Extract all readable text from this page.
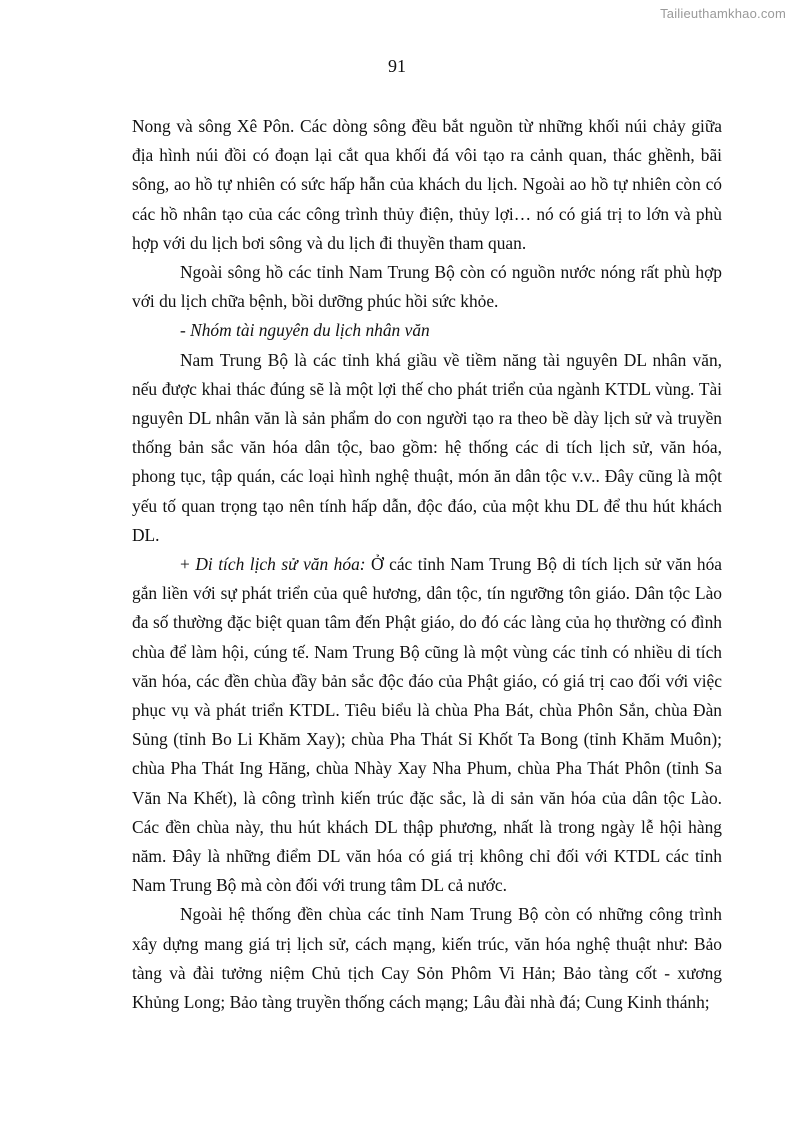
Tailieuthamkhao.com
91

Nong và sông Xê Pôn. Các dòng sông đều bắt nguồn từ những khối núi chảy giữa địa hình núi đồi có đoạn lại cắt qua khối đá vôi tạo ra cảnh quan, thác ghềnh, bãi sông, ao hồ tự nhiên có sức hấp hẫn của khách du lịch. Ngoài ao hồ tự nhiên còn có các hồ nhân tạo của các công trình thủy điện, thủy lợi… nó có giá trị to lớn và phù hợp với du lịch bơi sông và du lịch đi thuyền tham quan.

Ngoài sông hồ các tỉnh Nam Trung Bộ còn có nguồn nước nóng rất phù hợp với du lịch chữa bệnh, bồi dưỡng phúc hồi sức khỏe.

- Nhóm tài nguyên du lịch nhân văn

Nam Trung Bộ là các tỉnh khá giầu về tiềm năng tài nguyên DL nhân văn, nếu được khai thác đúng sẽ là một lợi thế cho phát triển của ngành KTDL vùng. Tài nguyên DL nhân văn là sản phẩm do con người tạo ra theo bề dày lịch sử và truyền thống bản sắc văn hóa dân tộc, bao gồm: hệ thống các di tích lịch sử, văn hóa, phong tục, tập quán, các loại hình nghệ thuật, món ăn dân tộc v.v.. Đây cũng là một yếu tố quan trọng tạo nên tính hấp dẫn, độc đáo, của một khu DL để thu hút khách DL.

+ Di tích lịch sử văn hóa: Ở các tỉnh Nam Trung Bộ di tích lịch sử văn hóa gắn liền với sự phát triển của quê hương, dân tộc, tín ngưỡng tôn giáo. Dân tộc Lào đa số thường đặc biệt quan tâm đến Phật giáo, do đó các làng của họ thường có đình chùa để làm hội, cúng tế. Nam Trung Bộ cũng là một vùng các tỉnh có nhiều di tích văn hóa, các đền chùa đầy bản sắc độc đáo của Phật giáo, có giá trị cao đối với việc phục vụ và phát triển KTDL. Tiêu biểu là chùa Pha Bát, chùa Phôn Sắn, chùa Đàn Sủng (tỉnh Bo Li Khăm Xay); chùa Pha Thát Sỉ Khốt Ta Bong (tỉnh Khăm Muôn); chùa Pha Thát Ing Hăng, chùa Nhày Xay Nha Phum, chùa Pha Thát Phôn (tỉnh Sa Văn Na Khết), là công trình kiến trúc đặc sắc, là di sản văn hóa của dân tộc Lào. Các đền chùa này, thu hút khách DL thập phương, nhất là trong ngày lễ hội hàng năm. Đây là những điểm DL văn hóa có giá trị không chỉ đối với KTDL các tỉnh Nam Trung Bộ mà còn đối với trung tâm DL cả nước.

Ngoài hệ thống đền chùa các tỉnh Nam Trung Bộ còn có những công trình xây dựng mang giá trị lịch sử, cách mạng, kiến trúc, văn hóa nghệ thuật như: Bảo tàng và đài tưởng niệm Chủ tịch Cay Sỏn Phôm Vi Hản; Bảo tàng cốt - xương Khủng Long; Bảo tàng truyền thống cách mạng; Lâu đài nhà đá; Cung Kinh thánh;
